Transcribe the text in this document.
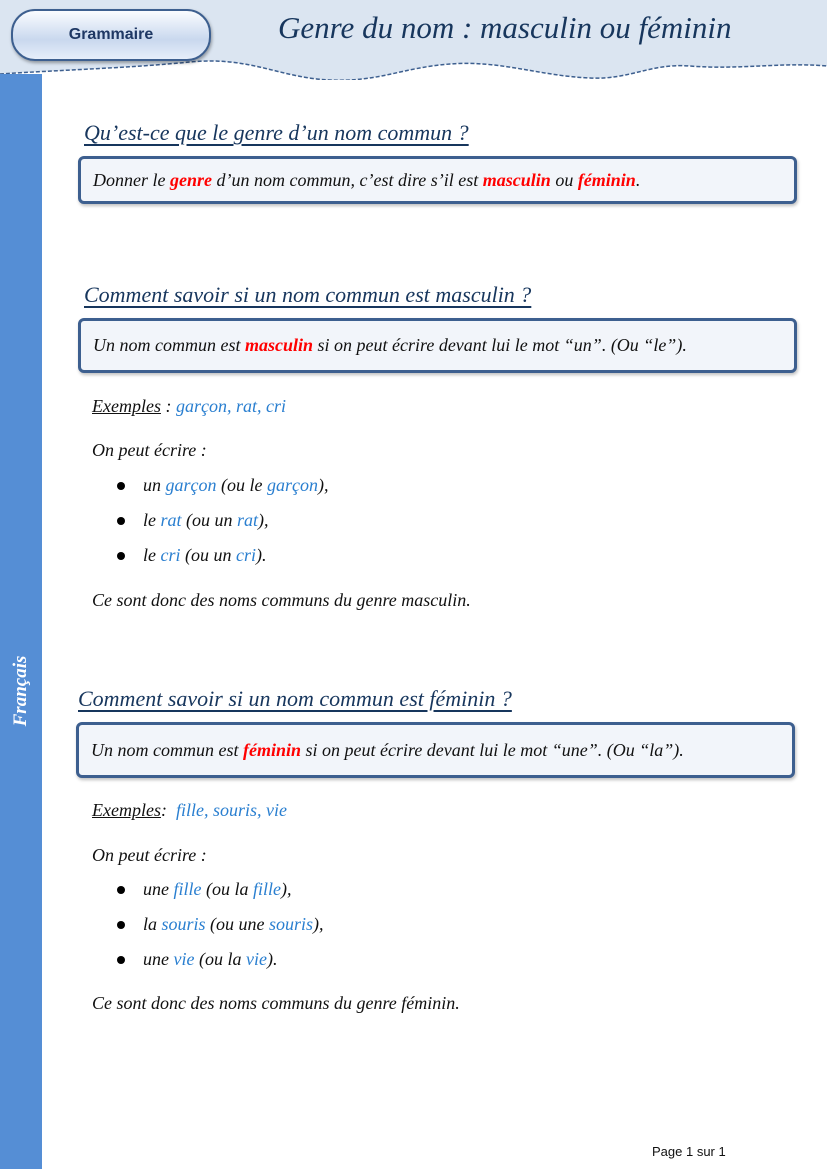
Grammaire	Genre du nom : masculin ou féminin
Français
Qu’est-ce que le genre d’un nom commun ?
Donner le genre d’un nom commun, c’est dire s’il est masculin ou féminin.
Comment savoir si un nom commun est masculin ?
Un nom commun est masculin si on peut écrire devant lui le mot “un”. (Ou “le”).
Exemples : garçon, rat, cri
On peut écrire :
un garçon (ou le garçon),
le rat (ou un rat),
le cri (ou un cri).
Ce sont donc des noms communs du genre masculin.
Comment savoir si un nom commun est féminin ?
Un nom commun est féminin si on peut écrire devant lui le mot “une”. (Ou “la”).
Exemples:  fille, souris, vie
On peut écrire :
une fille (ou la fille),
la souris (ou une souris),
une vie (ou la vie).
Ce sont donc des noms communs du genre féminin.
Page 1 sur 1
